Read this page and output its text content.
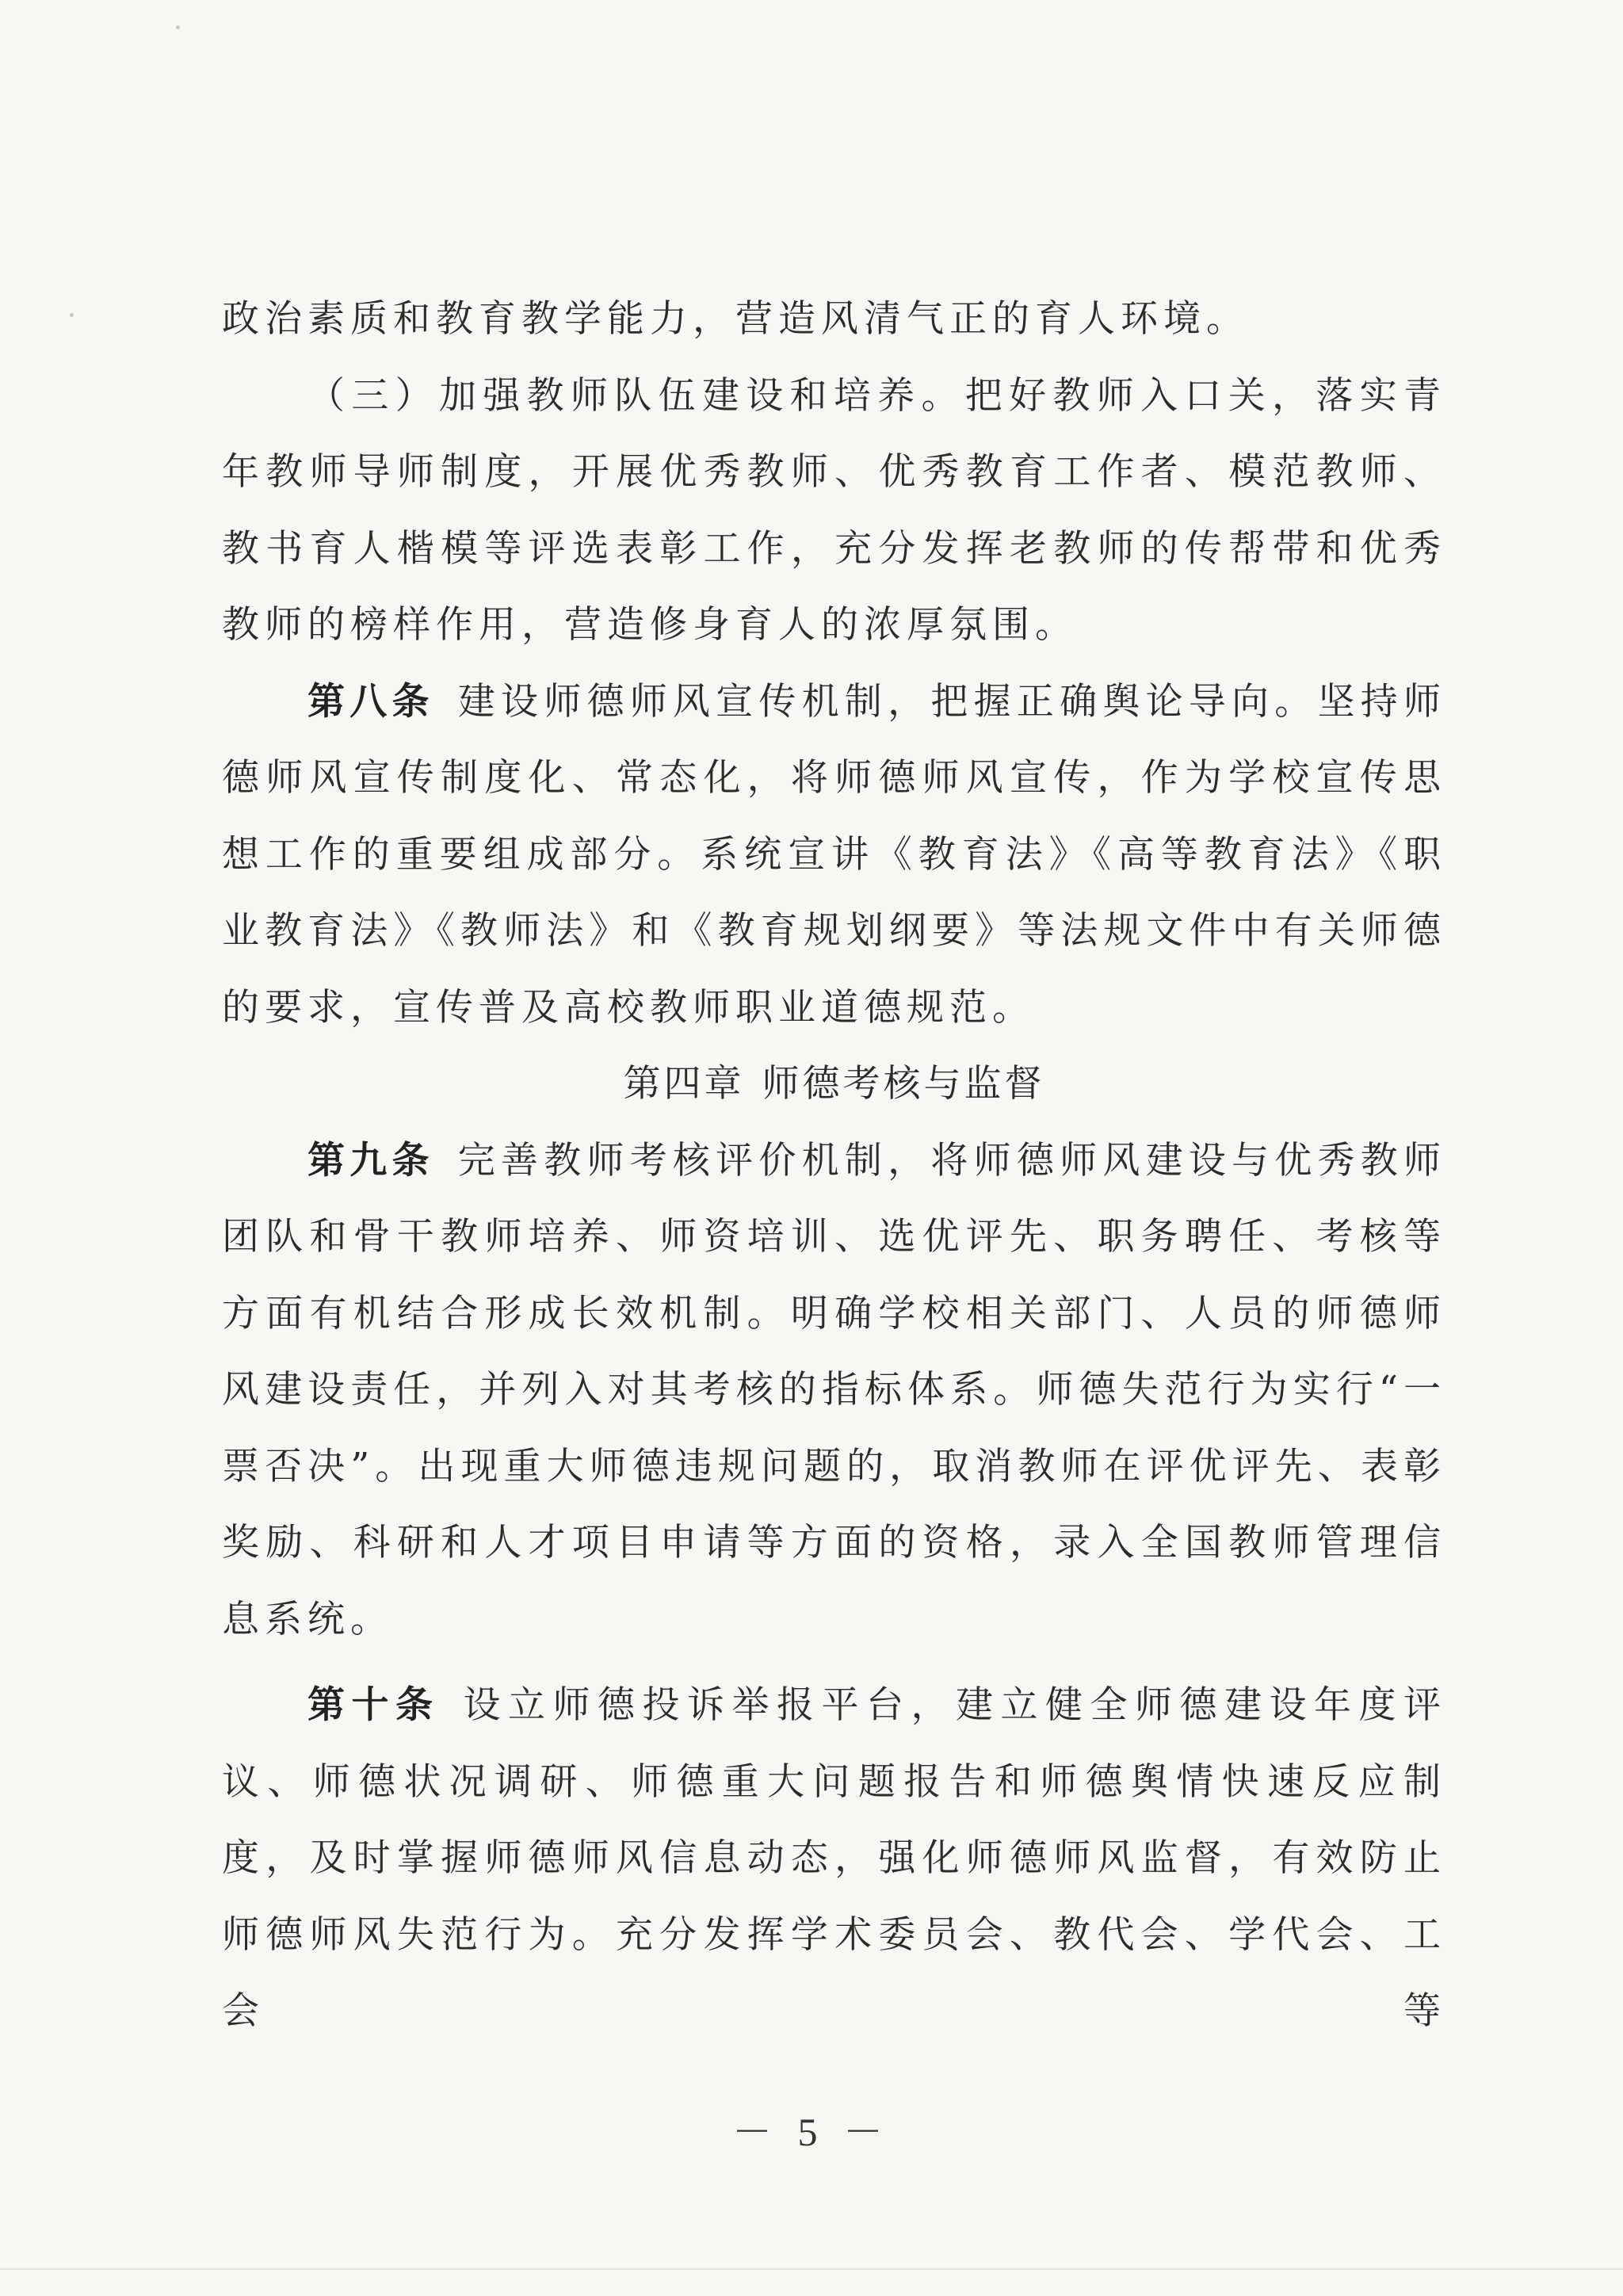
政治素质和教育教学能力，营造风清气正的育人环境。

（三）加强教师队伍建设和培养。把好教师入口关，落实青年教师导师制度，开展优秀教师、优秀教育工作者、模范教师、教书育人楷模等评选表彰工作，充分发挥老教师的传帮带和优秀教师的榜样作用，营造修身育人的浓厚氛围。

第八条 建设师德师风宣传机制，把握正确舆论导向。坚持师德师风宣传制度化、常态化，将师德师风宣传，作为学校宣传思想工作的重要组成部分。系统宣讲《教育法》《高等教育法》《职业教育法》《教师法》和《教育规划纲要》等法规文件中有关师德的要求，宣传普及高校教师职业道德规范。

第四章 师德考核与监督

第九条 完善教师考核评价机制，将师德师风建设与优秀教师团队和骨干教师培养、师资培训、选优评先、职务聘任、考核等方面有机结合形成长效机制。明确学校相关部门、人员的师德师风建设责任，并列入对其考核的指标体系。师德失范行为实行“一票否决”。出现重大师德违规问题的，取消教师在评优评先、表彰奖励、科研和人才项目申请等方面的资格，录入全国教师管理信息系统。

第十条 设立师德投诉举报平台，建立健全师德建设年度评议、师德状况调研、师德重大问题报告和师德舆情快速反应制度，及时掌握师德师风信息动态，强化师德师风监督，有效防止师德师风失范行为。充分发挥学术委员会、教代会、学代会、工会等

－ 5 －
